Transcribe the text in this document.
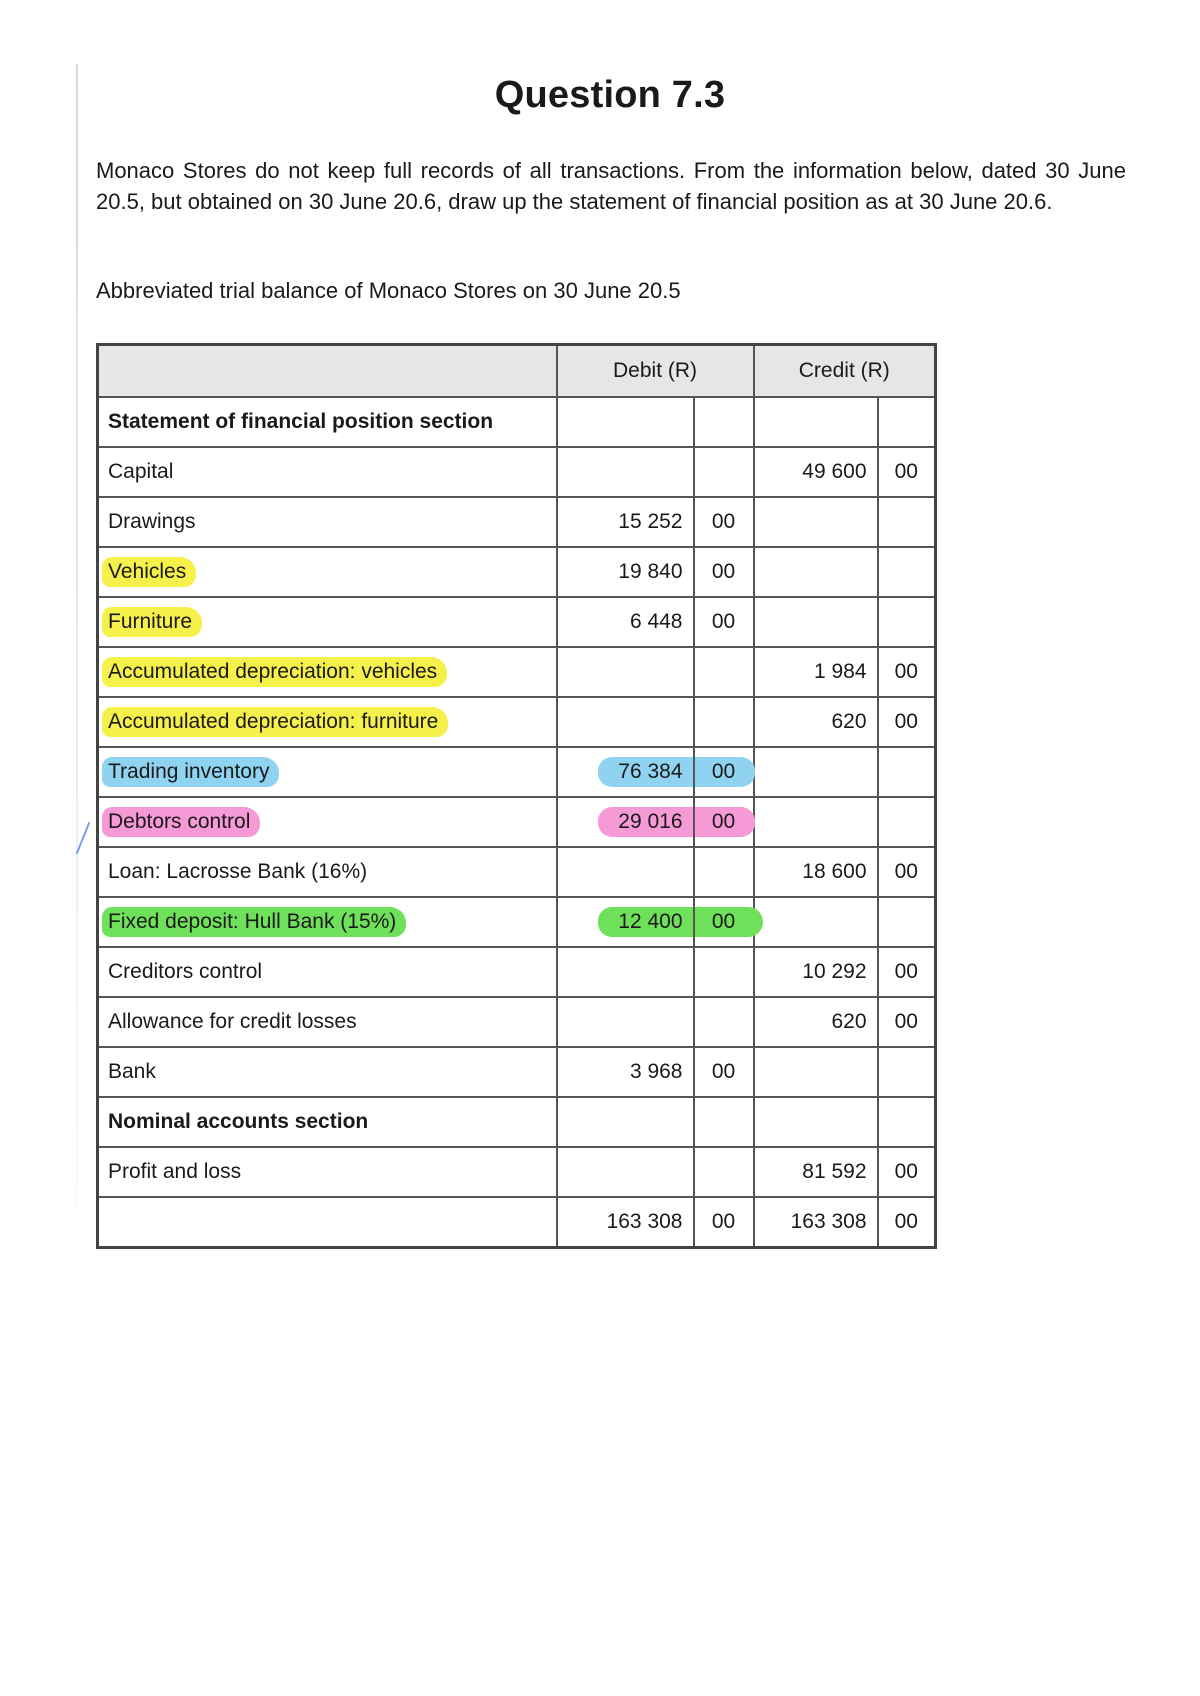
Question 7.3

Monaco Stores do not keep full records of all transactions. From the information below, dated 30 June 20.5, but obtained on 30 June 20.6, draw up the statement of financial position as at 30 June 20.6.

Abbreviated trial balance of Monaco Stores on 30 June 20.5

	Debit (R)		Credit (R)	
Statement of financial position section				
Capital			49 600	00
Drawings	15 252	00		
Vehicles	19 840	00		
Furniture	6 448	00		
Accumulated depreciation: vehicles			1 984	00
Accumulated depreciation: furniture			620	00
Trading inventory	76 384	00		
Debtors control	29 016	00		
Loan: Lacrosse Bank (16%)			18 600	00
Fixed deposit: Hull Bank (15%)	12 400	00		
Creditors control			10 292	00
Allowance for credit losses			620	00
Bank	3 968	00		
Nominal accounts section				
Profit and loss			81 592	00
	163 308	00	163 308	00
